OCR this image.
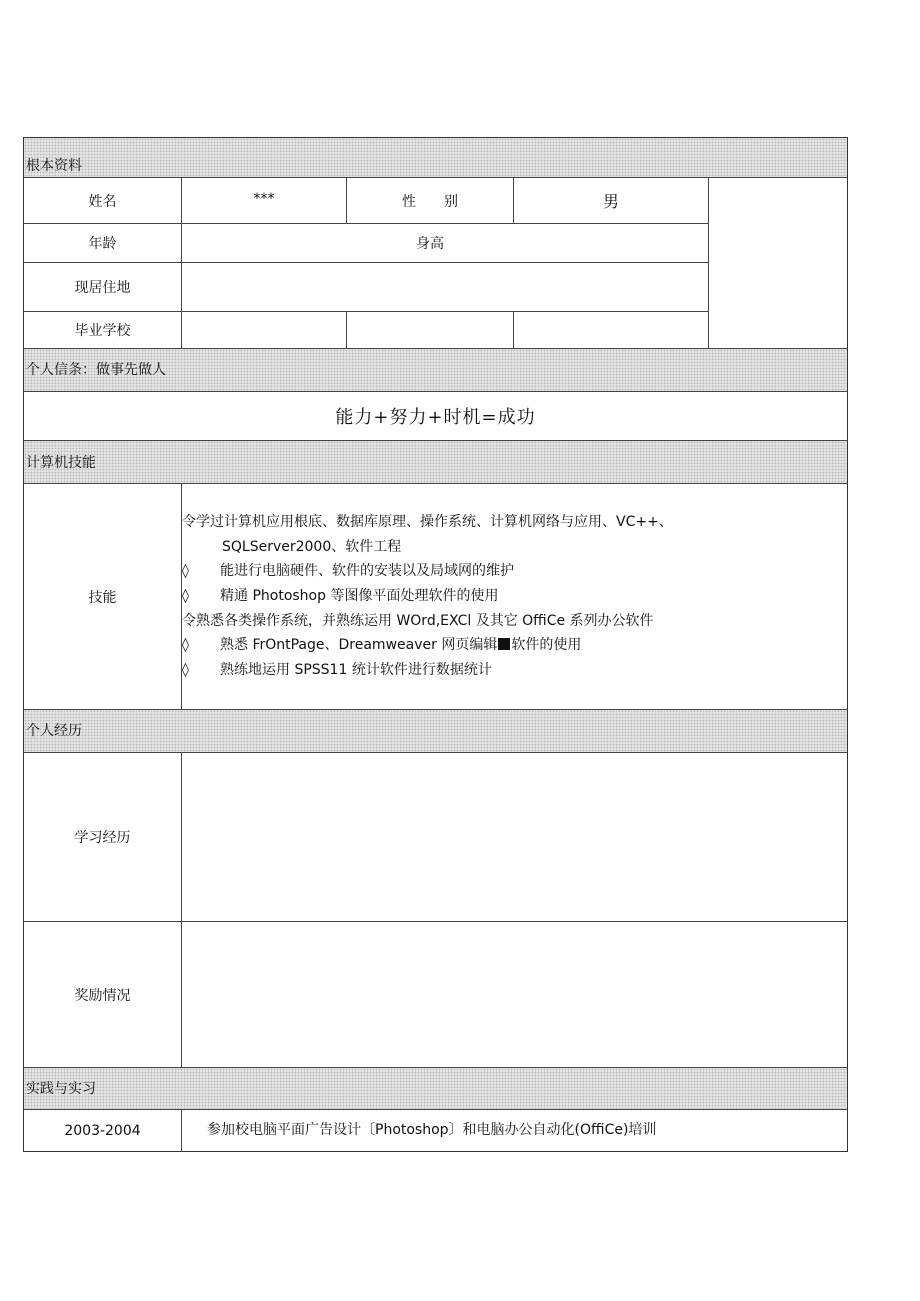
根本资料
姓名	***	性　　别	男
年龄	身高
现居住地
毕业学校
个人信条：做事先做人
能力+努力+时机=成功
计算机技能
技能
令学过计算机应用根底、数据库原理、操作系统、计算机网络与应用、VC++、
SQLServer2000、软件工程
◊ 能进行电脑硬件、软件的安装以及局域网的维护
◊ 精通 Photoshop 等图像平面处理软件的使用
令熟悉各类操作系统，并熟练运用 WOrd,EXCl 及其它 OffiCe 系列办公软件
◊ 熟悉 FrOntPage、Dreamweaver 网页编辑 软件的使用
◊ 熟练地运用 SPSS11 统计软件进行数据统计
个人经历
学习经历
奖励情况
实践与实习
2003-2004	参加校电脑平面广告设计〔Photoshop〕和电脑办公自动化(OffiCe)培训
